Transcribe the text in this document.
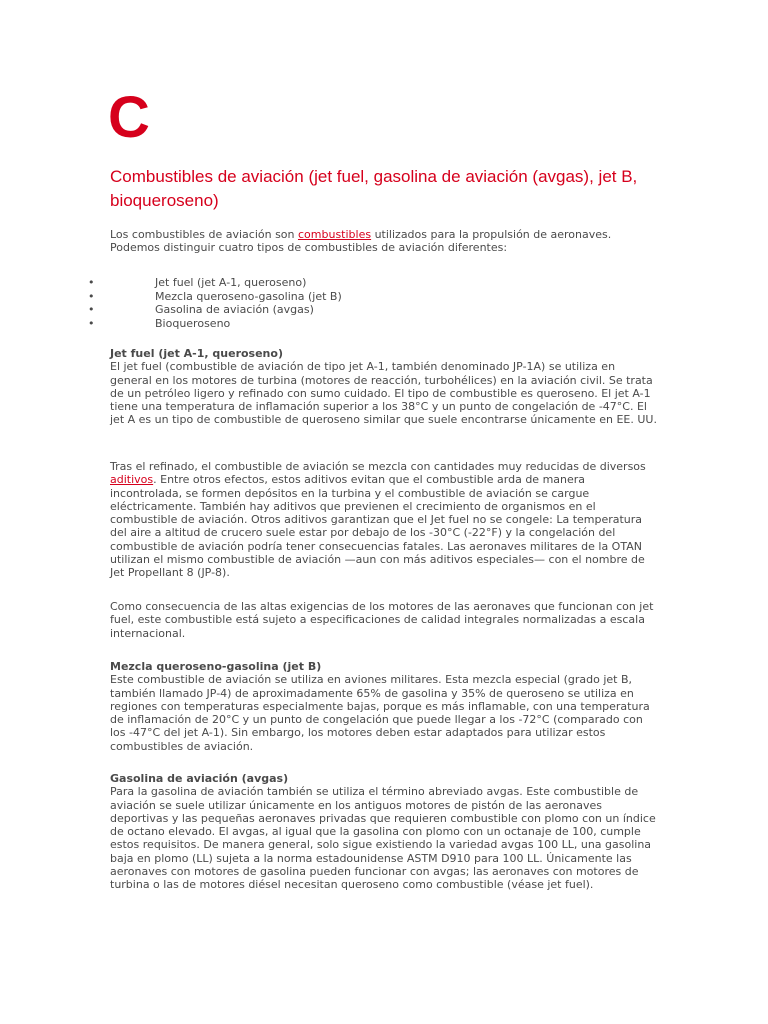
C
Combustibles de aviación (jet fuel, gasolina de aviación (avgas), jet B, bioqueroseno)

Los combustibles de aviación son combustibles utilizados para la propulsión de aeronaves. Podemos distinguir cuatro tipos de combustibles de aviación diferentes:

•	Jet fuel (jet A-1, queroseno)
•	Mezcla queroseno-gasolina (jet B)
•	Gasolina de aviación (avgas)
•	Bioqueroseno
Jet fuel (jet A-1, queroseno)
El jet fuel (combustible de aviación de tipo jet A-1, también denominado JP-1A) se utiliza en general en los motores de turbina (motores de reacción, turbohélices) en la aviación civil. Se trata de un petróleo ligero y refinado con sumo cuidado. El tipo de combustible es queroseno. El jet A-1 tiene una temperatura de inflamación superior a los 38°C y un punto de congelación de -47°C. El jet A es un tipo de combustible de queroseno similar que suele encontrarse únicamente en EE. UU.

Tras el refinado, el combustible de aviación se mezcla con cantidades muy reducidas de diversos aditivos. Entre otros efectos, estos aditivos evitan que el combustible arda de manera incontrolada, se formen depósitos en la turbina y el combustible de aviación se cargue eléctricamente. También hay aditivos que previenen el crecimiento de organismos en el combustible de aviación. Otros aditivos garantizan que el Jet fuel no se congele: La temperatura del aire a altitud de crucero suele estar por debajo de los -30°C (-22°F) y la congelación del combustible de aviación podría tener consecuencias fatales. Las aeronaves militares de la OTAN utilizan el mismo combustible de aviación —aun con más aditivos especiales— con el nombre de Jet Propellant 8 (JP-8).

Como consecuencia de las altas exigencias de los motores de las aeronaves que funcionan con jet fuel, este combustible está sujeto a especificaciones de calidad integrales normalizadas a escala internacional.

Mezcla queroseno-gasolina (jet B)
Este combustible de aviación se utiliza en aviones militares. Esta mezcla especial (grado jet B, también llamado JP-4) de aproximadamente 65% de gasolina y 35% de queroseno se utiliza en regiones con temperaturas especialmente bajas, porque es más inflamable, con una temperatura de inflamación de 20°C y un punto de congelación que puede llegar a los -72°C (comparado con los -47°C del jet A-1). Sin embargo, los motores deben estar adaptados para utilizar estos combustibles de aviación.
Gasolina de aviación (avgas)
Para la gasolina de aviación también se utiliza el término abreviado avgas. Este combustible de aviación se suele utilizar únicamente en los antiguos motores de pistón de las aeronaves deportivas y las pequeñas aeronaves privadas que requieren combustible con plomo con un índice de octano elevado. El avgas, al igual que la gasolina con plomo con un octanaje de 100, cumple estos requisitos. De manera general, solo sigue existiendo la variedad avgas 100 LL, una gasolina baja en plomo (LL) sujeta a la norma estadounidense ASTM D910 para 100 LL. Únicamente las aeronaves con motores de gasolina pueden funcionar con avgas; las aeronaves con motores de turbina o las de motores diésel necesitan queroseno como combustible (véase jet fuel).
